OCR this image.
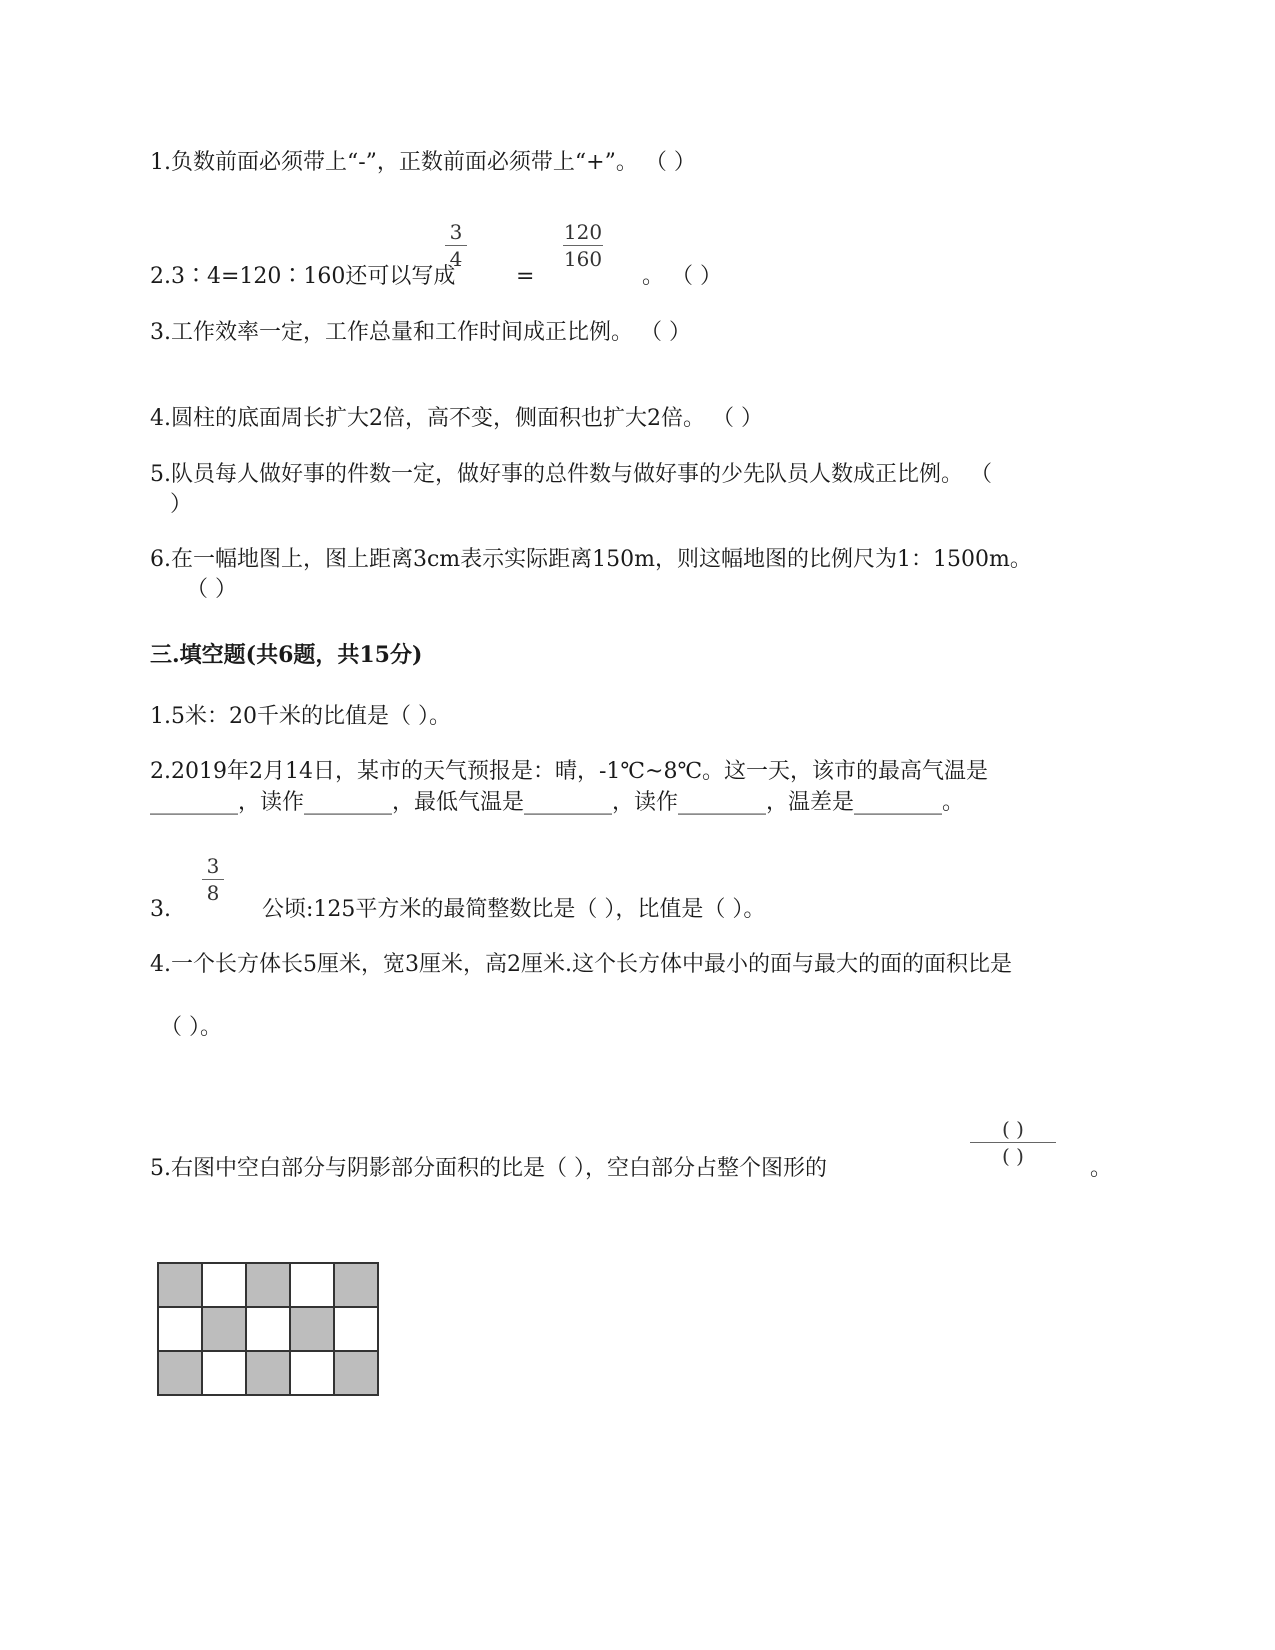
1.负数前面必须带上“-”，正数前面必须带上“+”。 （ ）
2.3∶4=120∶160还可以写成
3
4
=
120
160
。 （ ）
3.工作效率一定，工作总量和工作时间成正比例。 （ ）
4.圆柱的底面周长扩大2倍，高不变，侧面积也扩大2倍。 （ ）
5.队员每人做好事的件数一定，做好事的总件数与做好事的少先队员人数成正比例。 （
）
6.在一幅地图上，图上距离3cm表示实际距离150m，则这幅地图的比例尺为1：1500m。
（ ）
三.填空题(共6题，共15分)
1.5米：20千米的比值是（ ）。
2.2019年2月14日，某市的天气预报是：晴，-1℃~8℃。这一天，该市的最高气温是
________，读作________，最低气温是________，读作________，温差是________。
3.
3
8
公顷:125平方米的最简整数比是（ ），比值是（ ）。
4.一个长方体长5厘米，宽3厘米，高2厘米.这个长方体中最小的面与最大的面的面积比是
（ ）。
5.右图中空白部分与阴影部分面积的比是（ ），空白部分占整个图形的
( )
( )	。
